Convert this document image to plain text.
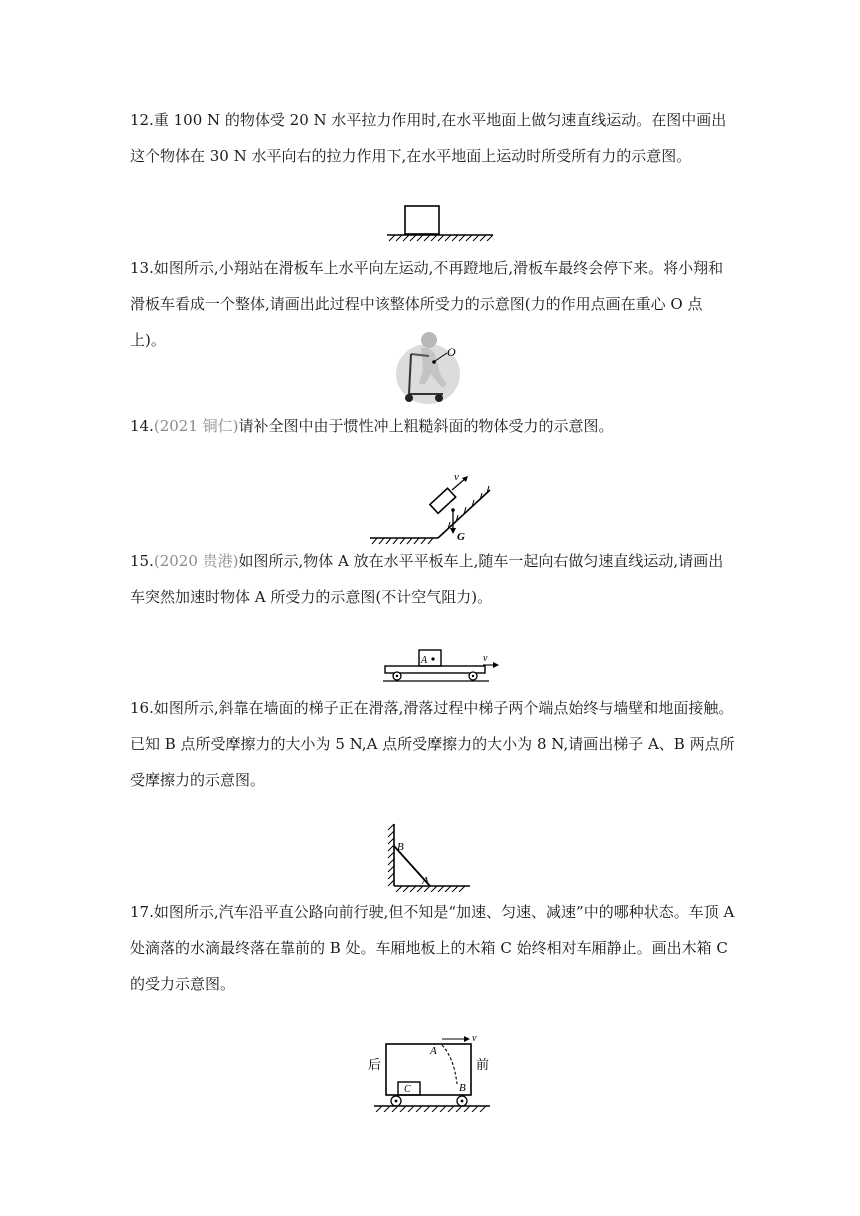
12.重 100 N 的物体受 20 N 水平拉力作用时,在水平地面上做匀速直线运动。在图中画出这个物体在 30 N 水平向右的拉力作用下,在水平地面上运动时所受所有力的示意图。

13.如图所示,小翔站在滑板车上水平向左运动,不再蹬地后,滑板车最终会停下来。将小翔和滑板车看成一个整体,请画出此过程中该整体所受力的示意图(力的作用点画在重心 O 点上)。

O

14.(2021 铜仁)请补全图中由于惯性冲上粗糙斜面的物体受力的示意图。

G
v

15.(2020 贵港)如图所示,物体 A 放在水平平板车上,随车一起向右做匀速直线运动,请画出车突然加速时物体 A 所受力的示意图(不计空气阻力)。

A	v

16.如图所示,斜靠在墙面的梯子正在滑落,滑落过程中梯子两个端点始终与墙壁和地面接触。已知 B 点所受摩擦力的大小为 5 N,A 点所受摩擦力的大小为 8 N,请画出梯子 A、B 两点所受摩擦力的示意图。

B
A

17.如图所示,汽车沿平直公路向前行驶,但不知是“加速、匀速、减速”中的哪种状态。车顶 A 处滴落的水滴最终落在靠前的 B 处。车厢地板上的木箱 C 始终相对车厢静止。画出木箱 C 的受力示意图。

后	前
v
A
B
C
